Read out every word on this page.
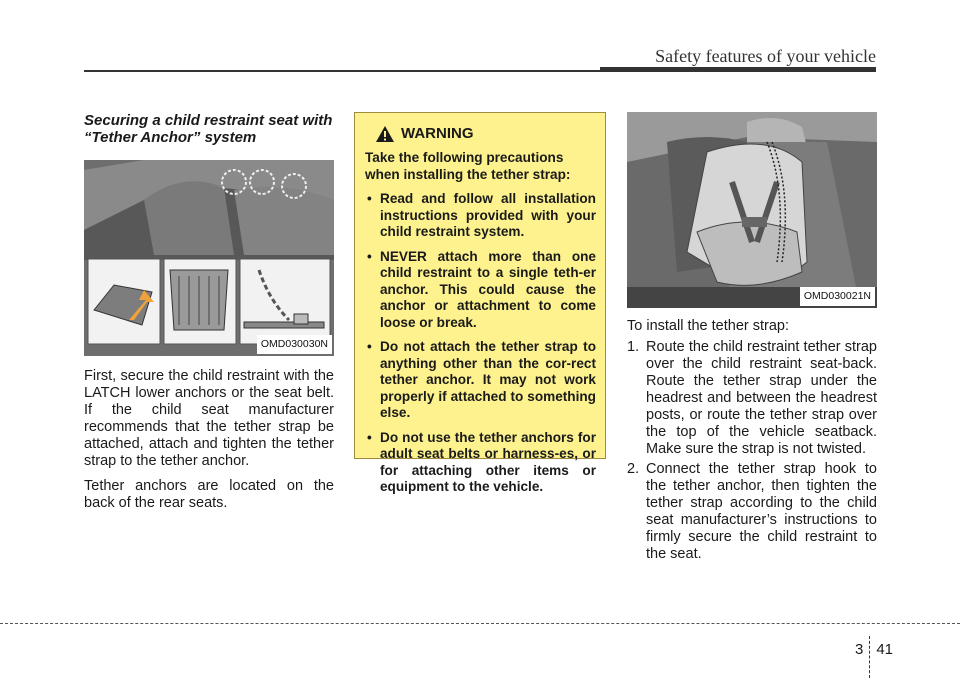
Safety features of your vehicle
Securing a child restraint seat with “Tether Anchor” system
OMD030030N

First, secure the child restraint with the LATCH lower anchors or the seat belt. If the child seat manufacturer recommends that the tether strap be attached, attach and tighten the tether strap to the tether anchor.

Tether anchors are located on the back of the rear seats.

WARNING

Take the following precautions when installing the tether strap:

• Read and follow all installation instructions provided with your child restraint system.
• NEVER attach more than one child restraint to a single teth-er anchor. This could cause the anchor or attachment to come loose or break.
• Do not attach the tether strap to anything other than the cor-rect tether anchor. It may not work properly if attached to something else.
• Do not use the tether anchors for adult seat belts or harness-es, or for attaching other items or equipment to the vehicle.
OMD030021N

To install the tether strap:

1. Route the child restraint tether strap over the child restraint seat-back. Route the tether strap under the headrest and between the headrest posts, or route the tether strap over the top of the vehicle seatback. Make sure the strap is not twisted.
2. Connect the tether strap hook to the tether anchor, then tighten the tether strap according to the child seat manufacturer’s instructions to firmly secure the child restraint to the seat.
3 41
